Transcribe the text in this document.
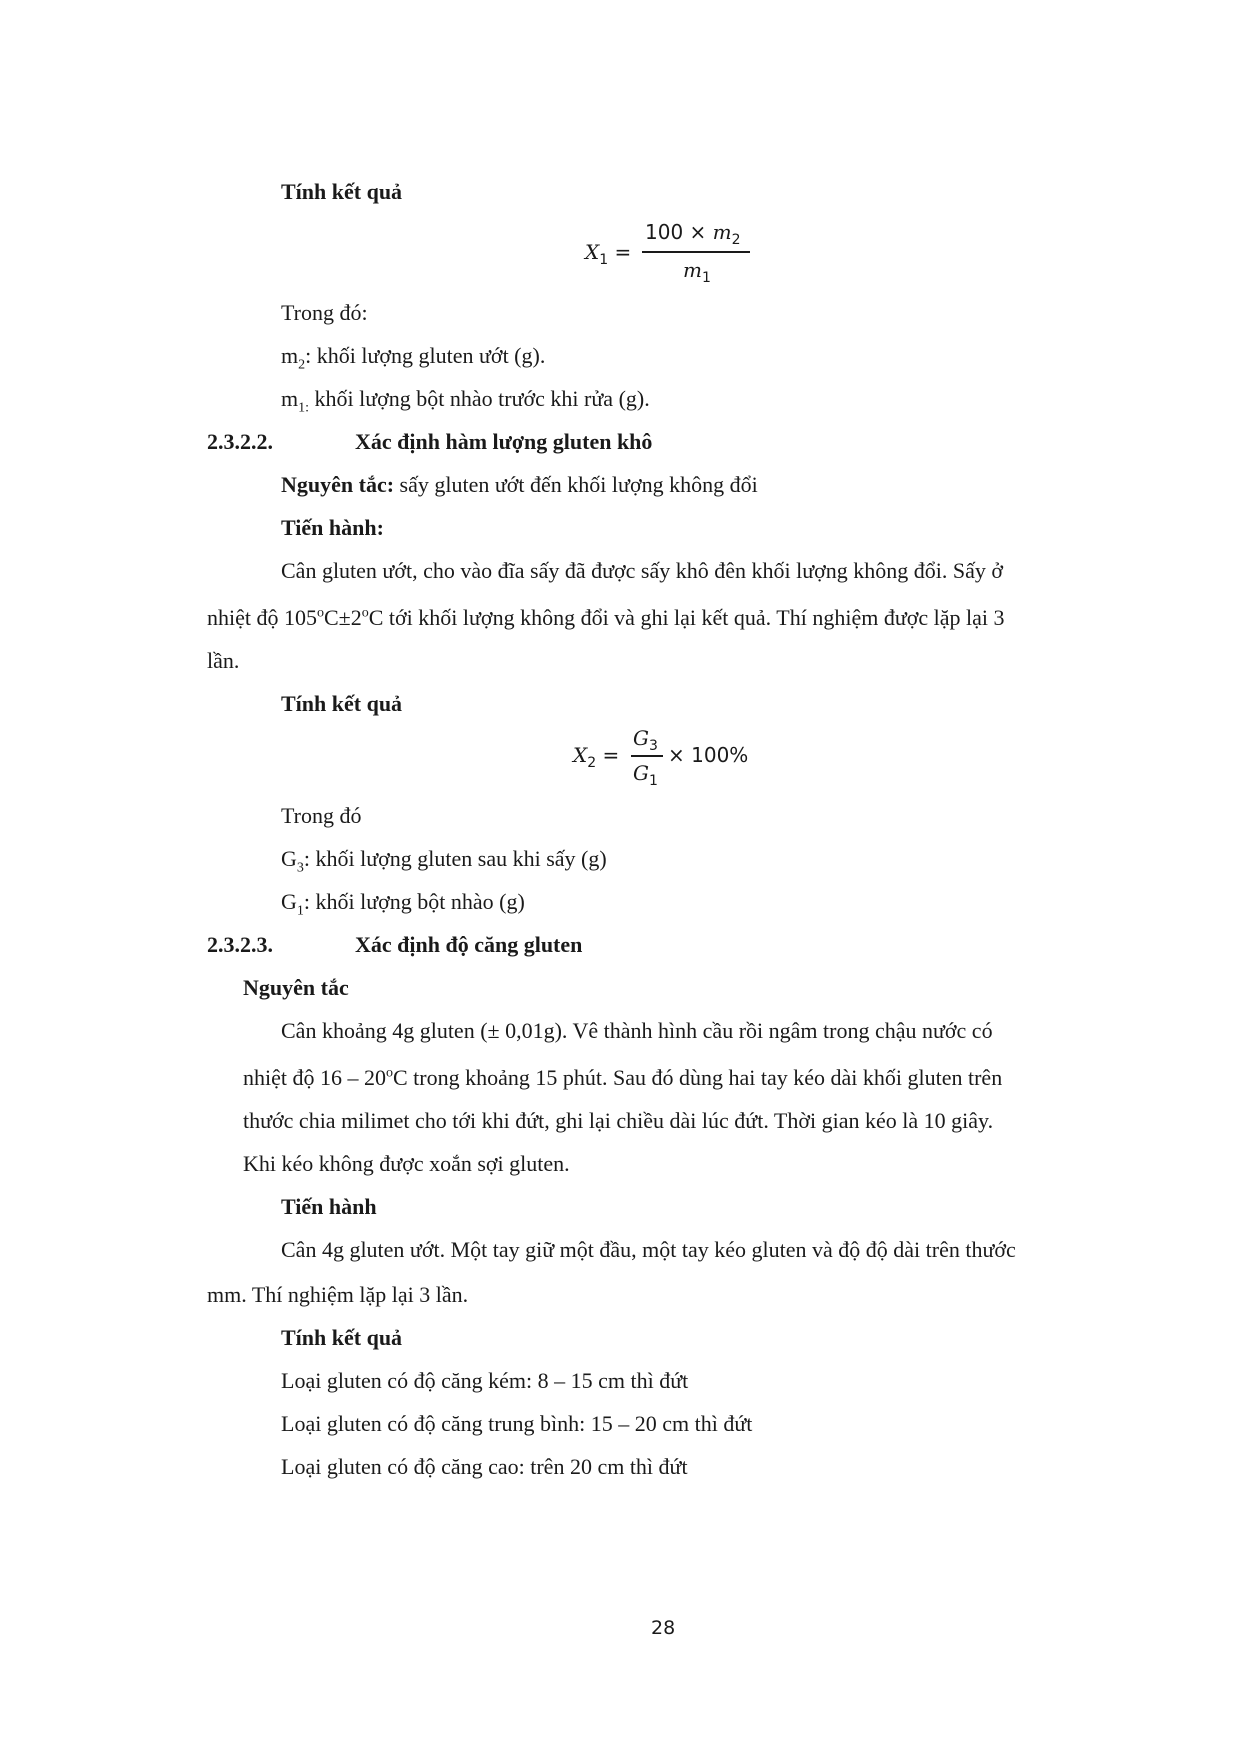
Tính kết quả
$X_1$ =
$100 \times m_2$
$m_1$
Trong đó:
$m_2$: khối lượng gluten ướt (g).
$m_{1:}$ khối lượng bột nhào trước khi rửa (g).
2.3.2.2.	Xác định hàm lượng gluten khô
Nguyên tắc: sấy gluten ướt đến khối lượng không đổi
Tiến hành:
Cân gluten ướt, cho vào đĩa sấy đã được sấy khô đên khối lượng không đổi. Sấy ở
nhiệt độ $105^oC\pm 2^oC$ tới khối lượng không đổi và ghi lại kết quả. Thí nghiệm được lặp lại 3
lần.
Tính kết quả
$X_2$ =
$G_3$
$G_1$
× 100%
Trong đó
$G_3$: khối lượng gluten sau khi sấy (g)
$G_1$: khối lượng bột nhào (g)
2.3.2.3.	Xác định độ căng gluten
Nguyên tắc
Cân khoảng 4g gluten (± 0,01g). Vê thành hình cầu rồi ngâm trong chậu nước có
nhiệt độ 16 – 20$^o$C trong khoảng 15 phút. Sau đó dùng hai tay kéo dài khối gluten trên
thước chia milimet cho tới khi đứt, ghi lại chiều dài lúc đứt. Thời gian kéo là 10 giây.
Khi kéo không được xoắn sợi gluten.
Tiến hành
Cân 4g gluten ướt. Một tay giữ một đầu, một tay kéo gluten và độ độ dài trên thước
mm. Thí nghiệm lặp lại 3 lần.
Tính kết quả
Loại gluten có độ căng kém: 8 – 15 cm thì đứt
Loại gluten có độ căng trung bình: 15 – 20 cm thì đứt
Loại gluten có độ căng cao: trên 20 cm thì đứt
28
